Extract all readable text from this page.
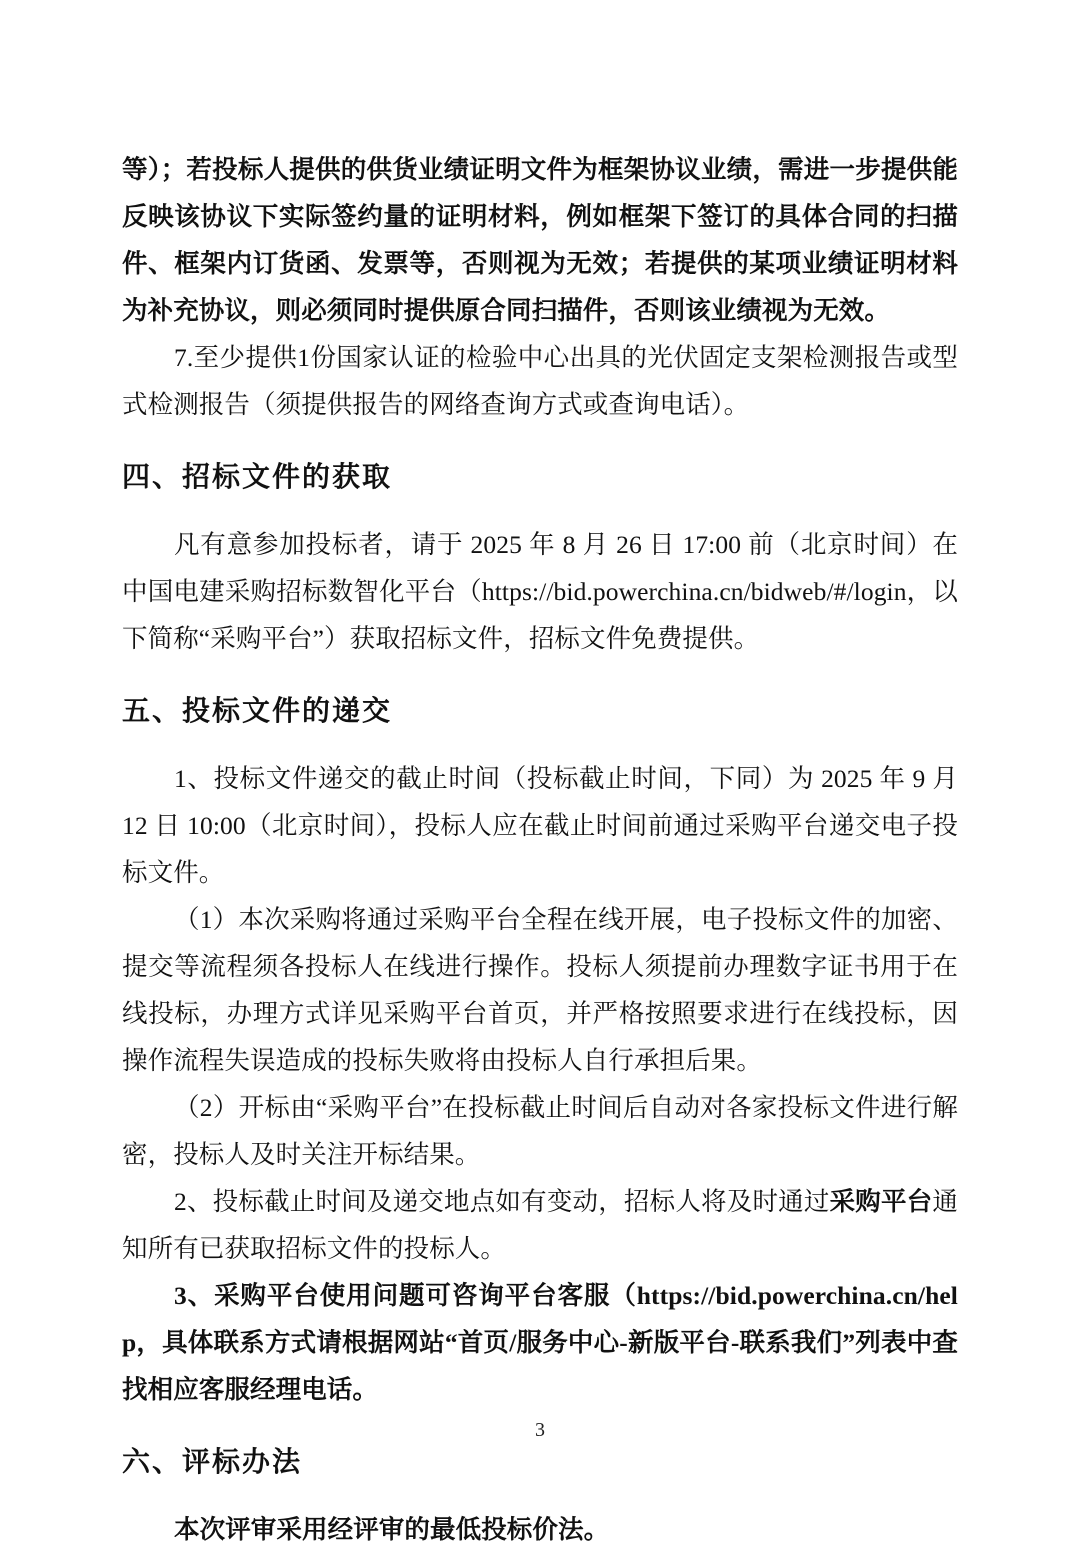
等）；若投标人提供的供货业绩证明文件为框架协议业绩，需进一步提供能反映该协议下实际签约量的证明材料，例如框架下签订的具体合同的扫描件、框架内订货函、发票等，否则视为无效；若提供的某项业绩证明材料为补充协议，则必须同时提供原合同扫描件，否则该业绩视为无效。

7.至少提供1份国家认证的检验中心出具的光伏固定支架检测报告或型式检测报告（须提供报告的网络查询方式或查询电话）。

四、招标文件的获取

凡有意参加投标者，请于 2025 年 8 月 26 日 17:00 前（北京时间）在中国电建采购招标数智化平台（https://bid.powerchina.cn/bidweb/#/login，以下简称“采购平台”）获取招标文件，招标文件免费提供。

五、投标文件的递交

1、投标文件递交的截止时间（投标截止时间，下同）为 2025 年 9 月 12 日 10:00（北京时间），投标人应在截止时间前通过采购平台递交电子投标文件。

（1）本次采购将通过采购平台全程在线开展，电子投标文件的加密、提交等流程须各投标人在线进行操作。投标人须提前办理数字证书用于在线投标，办理方式详见采购平台首页，并严格按照要求进行在线投标，因操作流程失误造成的投标失败将由投标人自行承担后果。

（2）开标由“采购平台”在投标截止时间后自动对各家投标文件进行解密，投标人及时关注开标结果。

2、投标截止时间及递交地点如有变动，招标人将及时通过采购平台通知所有已获取招标文件的投标人。

3、采购平台使用问题可咨询平台客服（https://bid.powerchina.cn/help，具体联系方式请根据网站“首页/服务中心-新版平台-联系我们”列表中查找相应客服经理电话。

六、评标办法

本次评审采用经评审的最低投标价法。

3
